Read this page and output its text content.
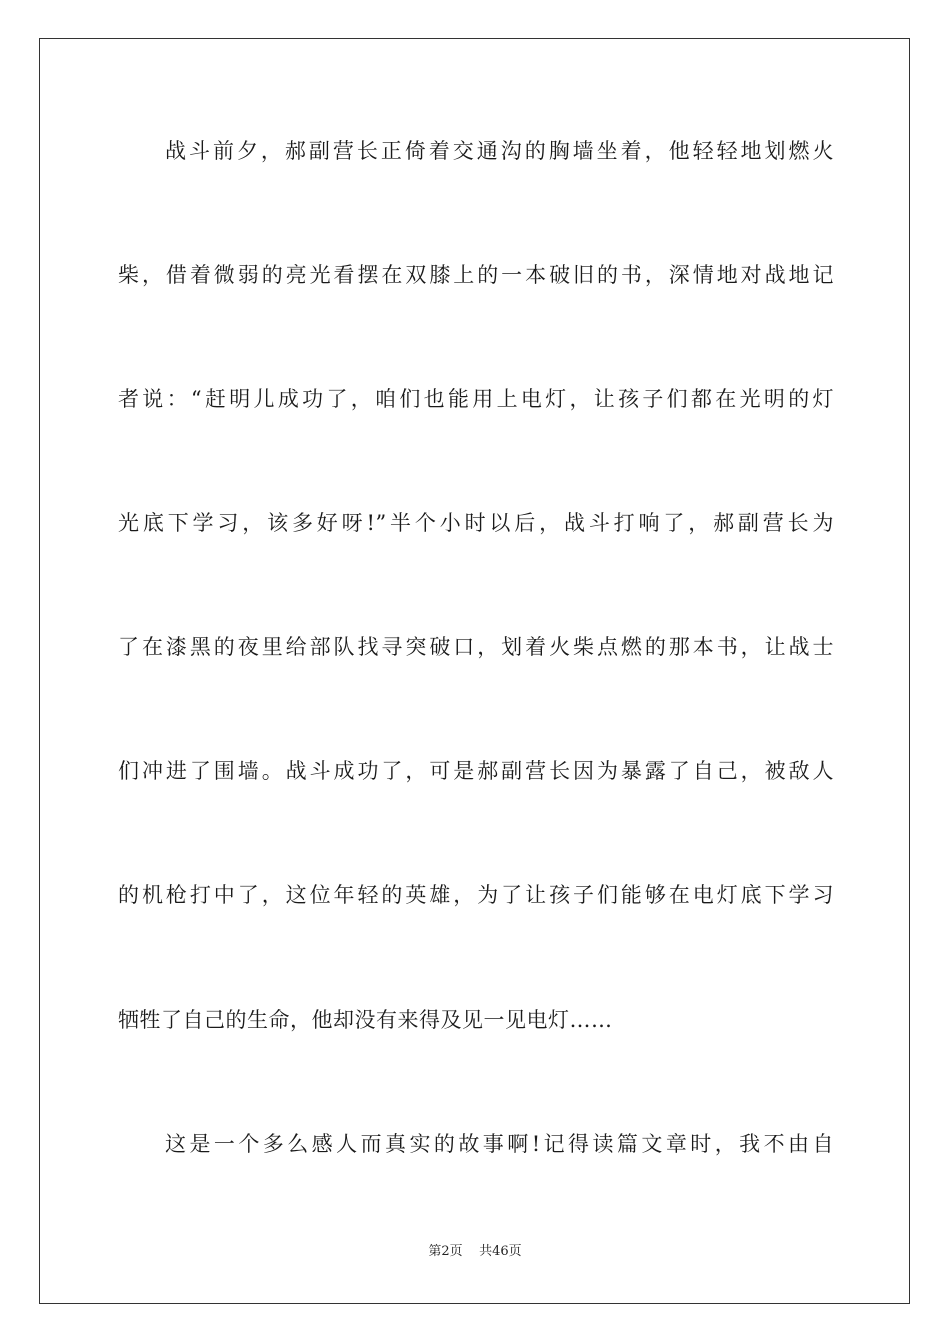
战斗前夕，郝副营长正倚着交通沟的胸墙坐着，他轻轻地划燃火
柴，借着微弱的亮光看摆在双膝上的一本破旧的书，深情地对战地记
者说：“赶明儿成功了，咱们也能用上电灯，让孩子们都在光明的灯
光底下学习，该多好呀!”半个小时以后，战斗打响了，郝副营长为
了在漆黑的夜里给部队找寻突破口，划着火柴点燃的那本书，让战士
们冲进了围墙。战斗成功了，可是郝副营长因为暴露了自己，被敌人
的机枪打中了，这位年轻的英雄，为了让孩子们能够在电灯底下学习
牺牲了自己的生命，他却没有来得及见一见电灯……
这是一个多么感人而真实的故事啊!记得读篇文章时，我不由自
第2页    共46页
